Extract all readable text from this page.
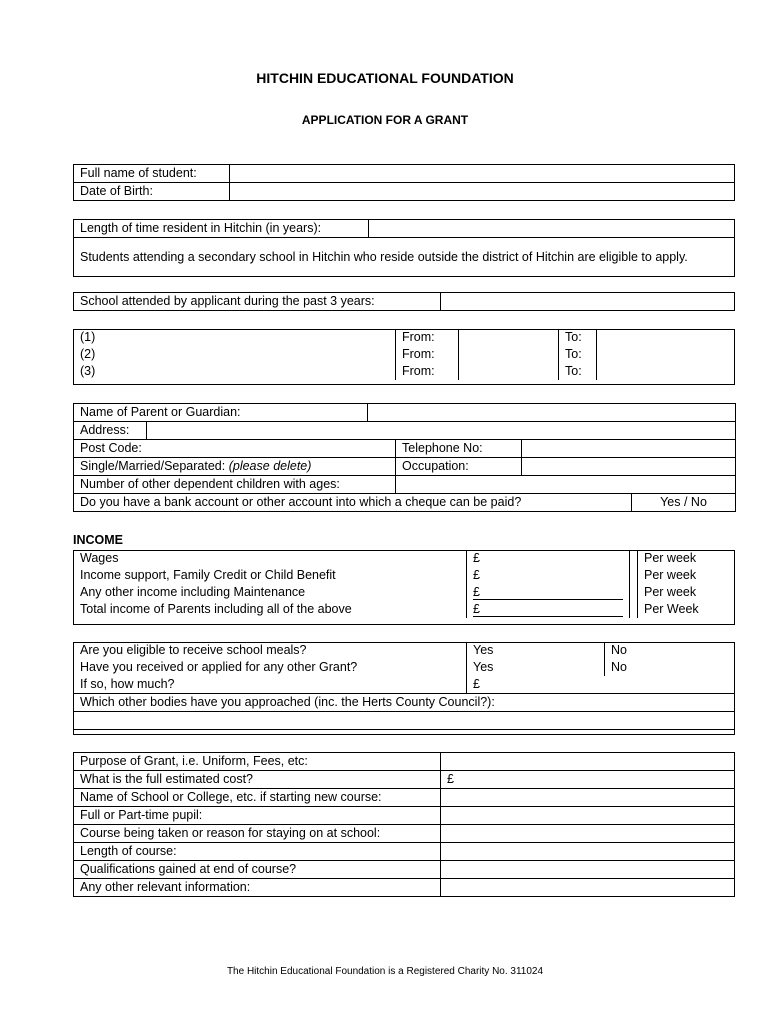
HITCHIN EDUCATIONAL FOUNDATION
APPLICATION FOR A GRANT
Full name of student:	
Date of Birth:	
Length of time resident in Hitchin (in years):	
Students attending a secondary school in Hitchin who reside outside the district of Hitchin are eligible to apply.
School attended by applicant during the past 3 years:	
(1)	From:		To:	
(2)	From:		To:	
(3)	From:		To:	
Name of Parent or Guardian:					
Address:					
Post Code:			Telephone No:		
Single/Married/Separated: (please delete)			Occupation:		
Number of other dependent children with ages:					
Do you have a bank account or other account into which a cheque can be paid?					Yes / No
INCOME
Wages	£		Per week
Income support, Family Credit or Child Benefit	£		Per week
Any other income including Maintenance	£		Per week
Total income of Parents including all of the above	£		Per Week
Are you eligible to receive school meals?	Yes	No
Have you received or applied for any other Grant?	Yes	No
If so, how much?	£	
Which other bodies have you approached (inc. the Herts County Council?):		

Purpose of Grant, i.e. Uniform, Fees, etc:	
What is the full estimated cost?	£
Name of School or College, etc. if starting new course:	
Full or Part-time pupil:	
Course being taken or reason for staying on at school:	
Length of course:	
Qualifications gained at end of course?	
Any other relevant information:	
The Hitchin Educational Foundation is a Registered Charity No. 311024
